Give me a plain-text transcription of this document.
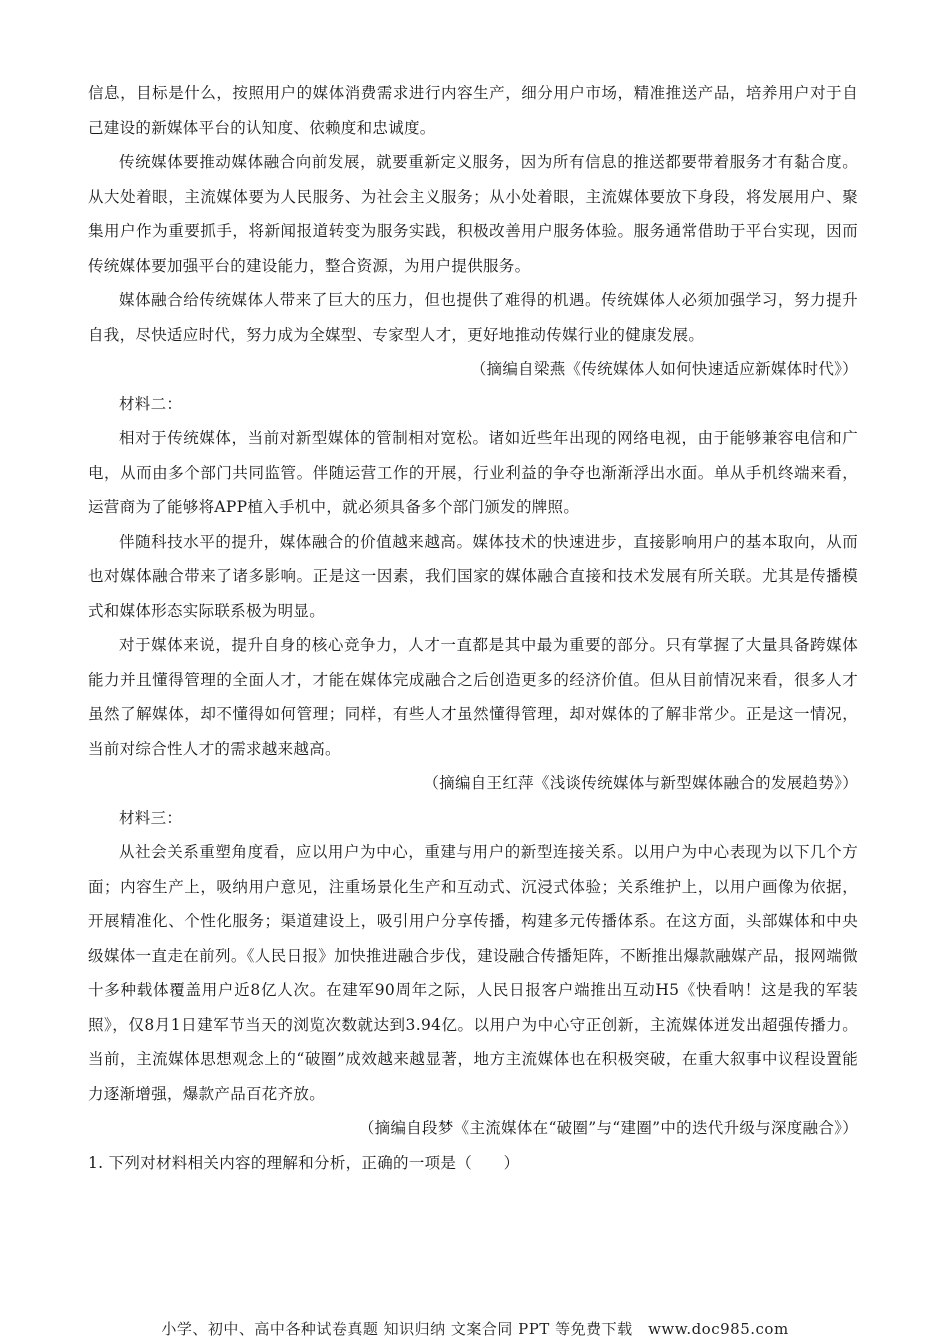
信息，目标是什么，按照用户的媒体消费需求进行内容生产，细分用户市场，精准推送产品，培养用户对于自己建设的新媒体平台的认知度、依赖度和忠诚度。

传统媒体要推动媒体融合向前发展，就要重新定义服务，因为所有信息的推送都要带着服务才有黏合度。从大处着眼，主流媒体要为人民服务、为社会主义服务；从小处着眼，主流媒体要放下身段，将发展用户、聚集用户作为重要抓手，将新闻报道转变为服务实践，积极改善用户服务体验。服务通常借助于平台实现，因而传统媒体要加强平台的建设能力，整合资源，为用户提供服务。

媒体融合给传统媒体人带来了巨大的压力，但也提供了难得的机遇。传统媒体人必须加强学习，努力提升自我，尽快适应时代，努力成为全媒型、专家型人才，更好地推动传媒行业的健康发展。

（摘编自梁燕《传统媒体人如何快速适应新媒体时代》）

材料二：

相对于传统媒体，当前对新型媒体的管制相对宽松。诸如近些年出现的网络电视，由于能够兼容电信和广电，从而由多个部门共同监管。伴随运营工作的开展，行业利益的争夺也渐渐浮出水面。单从手机终端来看，运营商为了能够将APP植入手机中，就必须具备多个部门颁发的牌照。

伴随科技水平的提升，媒体融合的价值越来越高。媒体技术的快速进步，直接影响用户的基本取向，从而也对媒体融合带来了诸多影响。正是这一因素，我们国家的媒体融合直接和技术发展有所关联。尤其是传播模式和媒体形态实际联系极为明显。

对于媒体来说，提升自身的核心竞争力，人才一直都是其中最为重要的部分。只有掌握了大量具备跨媒体能力并且懂得管理的全面人才，才能在媒体完成融合之后创造更多的经济价值。但从目前情况来看，很多人才虽然了解媒体，却不懂得如何管理；同样，有些人才虽然懂得管理，却对媒体的了解非常少。正是这一情况，当前对综合性人才的需求越来越高。

（摘编自王红萍《浅谈传统媒体与新型媒体融合的发展趋势》）

材料三：

从社会关系重塑角度看，应以用户为中心，重建与用户的新型连接关系。以用户为中心表现为以下几个方面；内容生产上，吸纳用户意见，注重场景化生产和互动式、沉浸式体验；关系维护上，以用户画像为依据，开展精准化、个性化服务；渠道建设上，吸引用户分享传播，构建多元传播体系。在这方面，头部媒体和中央级媒体一直走在前列。《人民日报》加快推进融合步伐，建设融合传播矩阵，不断推出爆款融媒产品，报网端微十多种载体覆盖用户近8亿人次。在建军90周年之际，人民日报客户端推出互动H5《快看呐！这是我的军装照》，仅8月1日建军节当天的浏览次数就达到3.94亿。以用户为中心守正创新，主流媒体迸发出超强传播力。当前，主流媒体思想观念上的“破圈”成效越来越显著，地方主流媒体也在积极突破，在重大叙事中议程设置能力逐渐增强，爆款产品百花齐放。

（摘编自段梦《主流媒体在“破圈”与“建圈”中的迭代升级与深度融合》）

1. 下列对材料相关内容的理解和分析，正确的一项是（　　）

小学、初中、高中各种试卷真题 知识归纳 文案合同 PPT 等免费下载　www.doc985.com
